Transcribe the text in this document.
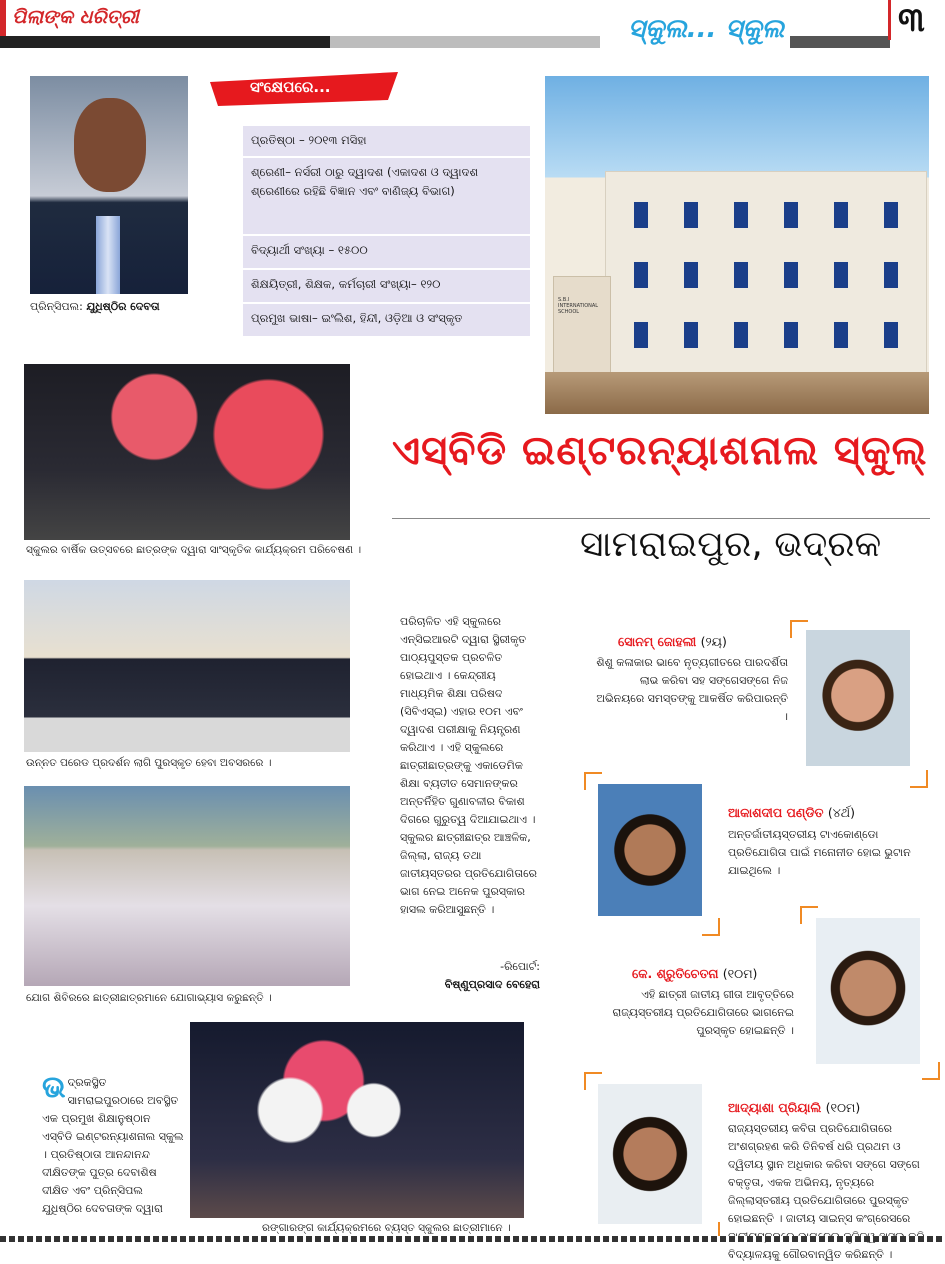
ପିଲାଙ୍କ ଧରିତ୍ରୀ	ସ୍କୁଲ... ସ୍କୁଲ	୩
ପ୍ରିନ୍ସିପଲ: ଯୁଧିଷ୍ଠିର ଦେବତା
ସଂକ୍ଷେପରେ...
ପ୍ରତିଷ୍ଠା – ୨୦୧୩ ମସିହା
ଶ୍ରେଣୀ– ନର୍ସରୀ ଠାରୁ ଦ୍ୱାଦଶ (ଏକାଦଶ ଓ ଦ୍ୱାଦଶ ଶ୍ରେଣୀରେ ରହିଛି ବିଜ୍ଞାନ ଏବଂ ବାଣିଜ୍ୟ ବିଭାଗ)
ବିଦ୍ୟାର୍ଥୀ ସଂଖ୍ୟା – ୧୫୦୦
ଶିକ୍ଷୟିତ୍ରୀ, ଶିକ୍ଷକ, କର୍ମଚାରୀ ସଂଖ୍ୟା– ୧୨୦
ପ୍ରମୁଖ ଭାଷା– ଇଂଲିଶ, ହିନ୍ଦୀ, ଓଡ଼ିଆ ଓ ସଂସ୍କୃତ
S.B.I INTERNATIONAL SCHOOL
ଏସ୍‌ବିଡି ଇଣ୍ଟରନ୍ୟାଶନାଲ ସ୍କୁଲ୍‌
ସାମରାଇପୁର, ଭଦ୍ରକ
ସ୍କୁଲର ବାର୍ଷିକ ଉତ୍ସବରେ ଛାତ୍ରଙ୍କ ଦ୍ୱାରା ସାଂସ୍କୃତିକ କାର୍ଯ୍ୟକ୍ରମ ପରିବେଷଣ ।
ଉନ୍ନତ ପରେଡ ପ୍ରଦର୍ଶନ ଲାଗି ପୁରସ୍କୃତ ହେବା ଅବସରରେ ।
ଯୋଗ ଶିବିରରେ ଛାତ୍ରୀଛାତ୍ରମାନେ ଯୋଗାଭ୍ୟାସ କରୁଛନ୍ତି ।
ରଙ୍ଗାରଙ୍ଗ କାର୍ଯ୍ୟକ୍ରମରେ ବ୍ୟସ୍ତ ସ୍କୁଲର ଛାତ୍ରୀମାନେ ।
ପରିଚାଳିତ ଏହି ସ୍କୁଲରେ ଏନ୍‌ସିଇଆରଟି ଦ୍ୱାରା ସ୍ଥିରୀକୃତ ପାଠ୍ୟପୁସ୍ତକ ପ୍ରଚଳିତ ହୋଇଥାଏ । କେନ୍ଦ୍ରୀୟ ମାଧ୍ୟମିକ ଶିକ୍ଷା ପରିଷଦ (ସିବିଏସ୍‌ଇ) ଏହାର ୧୦ମ ଏବଂ ଦ୍ୱାଦଶ ପରୀକ୍ଷାକୁ ନିୟନ୍ତ୍ରଣ କରିଥାଏ । ଏହି ସ୍କୁଲରେ ଛାତ୍ରୀଛାତ୍ରଙ୍କୁ ଏକାଡେମିକ ଶିକ୍ଷା ବ୍ୟତୀତ ସେମାନଙ୍କର ଅନ୍ତର୍ନିହିତ ଗୁଣାବଳୀର ବିକାଶ ଦିଗରେ ଗୁରୁତ୍ୱ ଦିଆଯାଇଥାଏ । ସ୍କୁଲର ଛାତ୍ରୀଛାତ୍ର ଆଞ୍ଚଳିକ, ଜିଲ୍ଲା, ରାଜ୍ୟ ତଥା ଜାତୀୟସ୍ତରର ପ୍ରତିଯୋଗିତାରେ ଭାଗ ନେଇ ଅନେକ ପୁରସ୍କାର ହାସଲ କରିଆସୁଛନ୍ତି ।
-ରିପୋର୍ଟ:
ବିଷ୍ଣୁପ୍ରସାଦ ବେହେରା
ଭ ଦ୍ରକସ୍ଥିତ ସାମରାଇପୁରଠାରେ ଅବସ୍ଥିତ ଏକ ପ୍ରମୁଖ ଶିକ୍ଷାନୁଷ୍ଠାନ ଏସ୍‌ବିଡି ଇଣ୍ଟରନ୍ୟାଶନାଲ ସ୍କୁଲ । ପ୍ରତିଷ୍ଠାତା ଆନନ୍ଦାନନ୍ଦ ଦୀକ୍ଷିତଙ୍କ ପୁତ୍ର ଦେବାଶିଷ ଦୀକ୍ଷିତ ଏବଂ ପ୍ରିନ୍ସିପଲ ଯୁଧିଷ୍ଠିର ଦେବତାଙ୍କ ଦ୍ୱାରା
ସୋନମ୍‌ ଜୋହଲୀ (୨ୟ)
ଶିଶୁ କଳାକାର ଭାବେ ନୃତ୍ୟଗୀତରେ ପାରଦର୍ଶିତା ଲାଭ କରିବା ସହ ସଙ୍ଗେସଙ୍ଗେ ନିଜ ଅଭିନୟରେ ସମସ୍ତଙ୍କୁ ଆକର୍ଷିତ କରିପାରନ୍ତି ।
ଆକାଶଦୀପ ପଣ୍ଡିତ (୪ର୍ଥ)
ଅନ୍ତର୍ଜାତୀୟସ୍ତରୀୟ ଟାଏକୋଣ୍ଡୋ ପ୍ରତିଯୋଗିତା ପାଇଁ ମନୋନୀତ ହୋଇ ଭୁଟାନ ଯାଇଥିଲେ ।
କେ. ଶ୍ରୁତିଚେତନା (୧୦ମ)
ଏହି ଛାତ୍ରୀ ଜାତୀୟ ଗୀତା ଆବୃତ୍ତିରେ ରାଜ୍ୟସ୍ତରୀୟ ପ୍ରତିଯୋଗିତାରେ ଭାଗନେଇ ପୁରସ୍କୃତ ହୋଇଛନ୍ତି ।
ଆଦ୍ୟାଶା ପ୍ରିୟାଲି (୧୦ମ)
ରାଜ୍ୟସ୍ତରୀୟ କବିତା ପ୍ରତିଯୋଗିତାରେ ଅଂଶଗ୍ରହଣ କରି ତିନିବର୍ଷ ଧରି ପ୍ରଥମ ଓ ଦ୍ୱିତୀୟ ସ୍ଥାନ ଅଧିକାର କରିବା ସଙ୍ଗେ ସଙ୍ଗେ ବକ୍ତୃତା, ଏକକ ଅଭିନୟ, ନୃତ୍ୟରେ ଜିଲ୍ଲାସ୍ତରୀୟ ପ୍ରତିଯୋଗିତାରେ ପୁରସ୍କୃତ ହୋଇଛନ୍ତି । ଜାତୀୟ ସାଇନ୍ସ କଂଗ୍ରେସରେ ବିଦ୍ୟାଳୟକୁ ଗୌରବାନ୍ୱିତ କରିଛନ୍ତି ।
